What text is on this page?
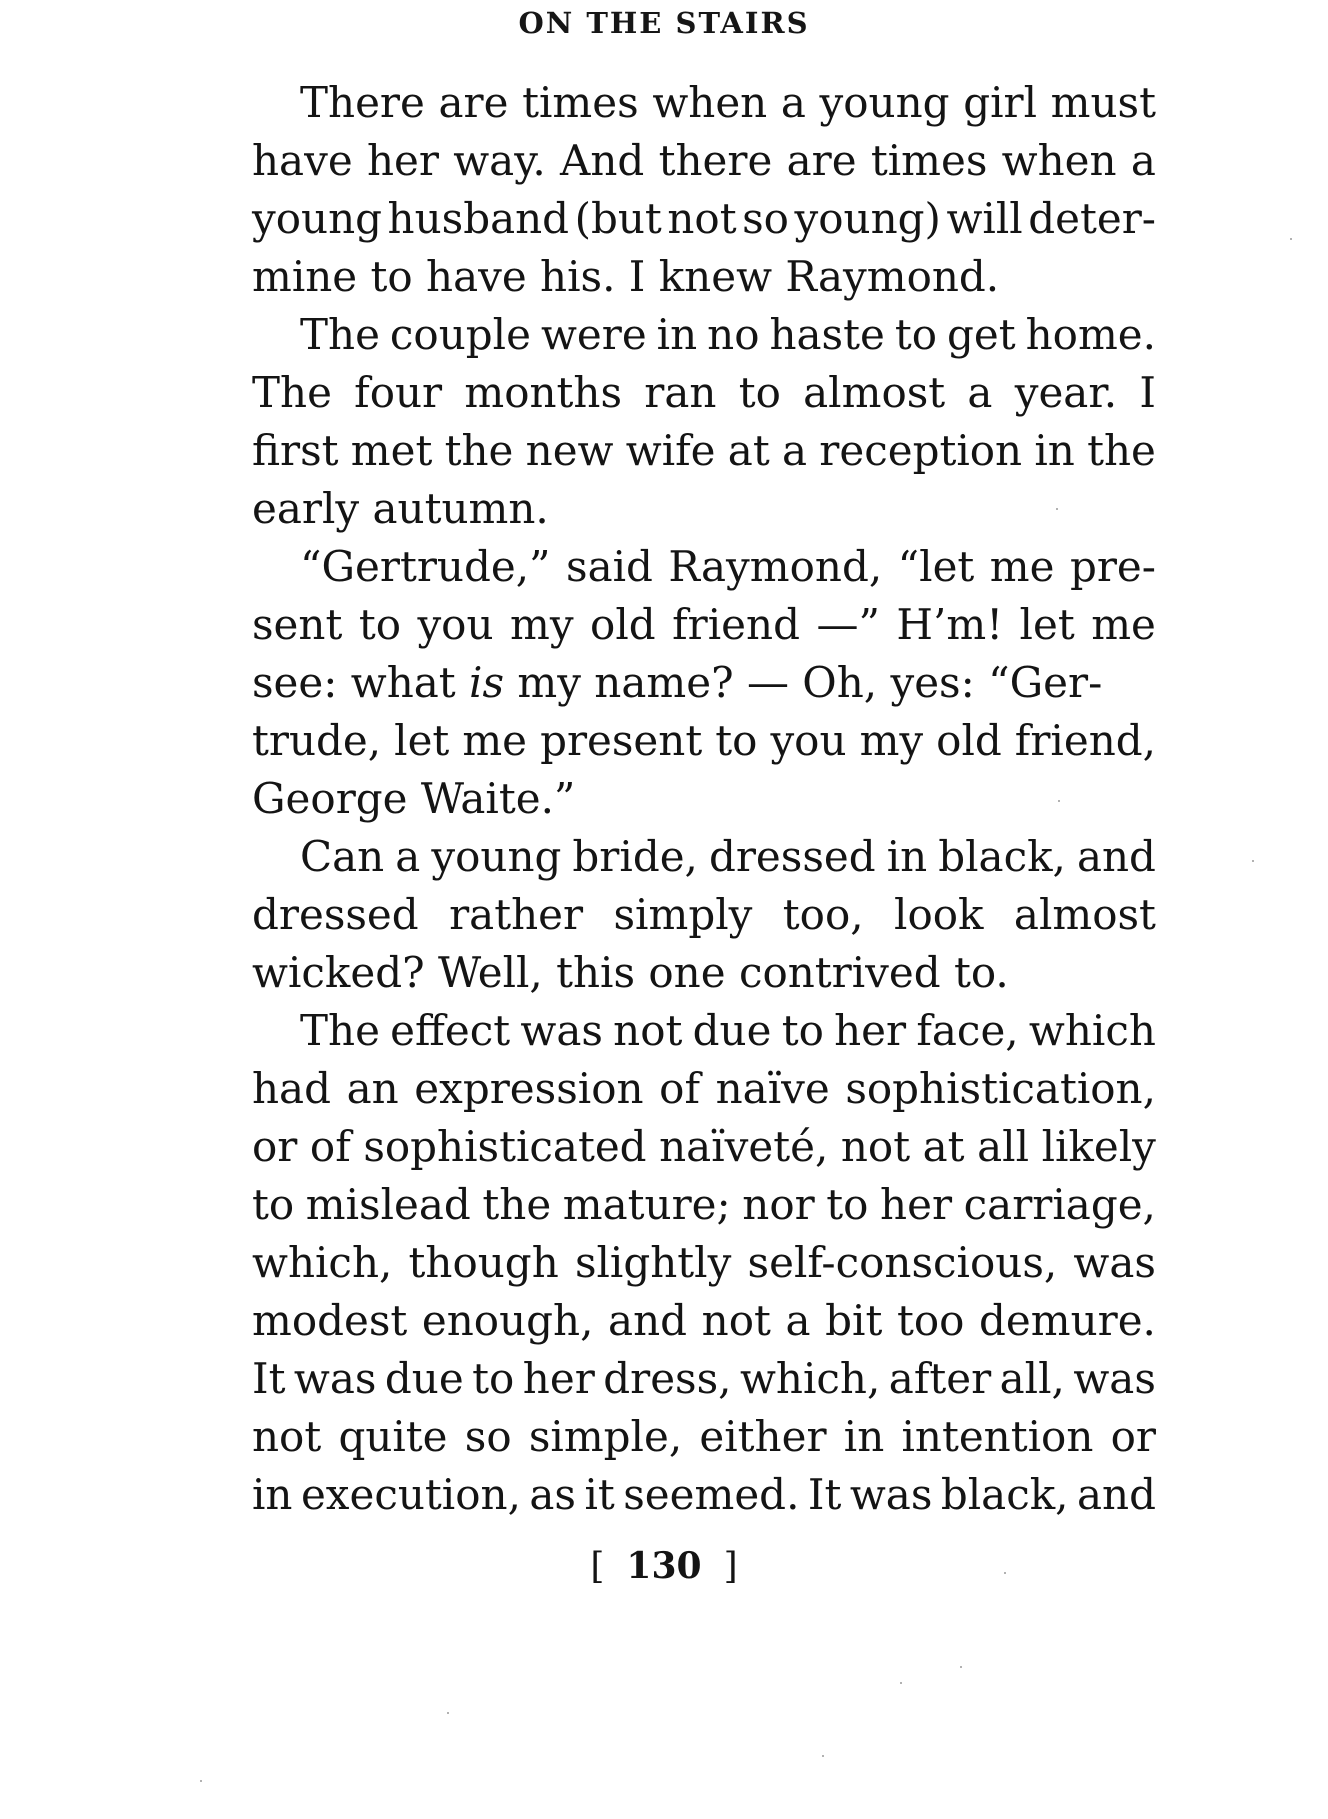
ON THE STAIRS
There are times when a young girl must
have her way. And there are times when a
young husband (but not so young) will deter-
mine to have his. I knew Raymond.
The couple were in no haste to get home.
The four months ran to almost a year. I
first met the new wife at a reception in the
early autumn.
“Gertrude,” said Raymond, “let me pre-
sent to you my old friend —” H’m! let me
see: what is my name? — Oh, yes: “Ger-
trude, let me present to you my old friend,
George Waite.”
Can a young bride, dressed in black, and
dressed rather simply too, look almost
wicked? Well, this one contrived to.
The effect was not due to her face, which
had an expression of naïve sophistication,
or of sophisticated naïveté, not at all likely
to mislead the mature; nor to her carriage,
which, though slightly self-conscious, was
modest enough, and not a bit too demure.
It was due to her dress, which, after all, was
not quite so simple, either in intention or
in execution, as it seemed. It was black, and
[ 130 ]
